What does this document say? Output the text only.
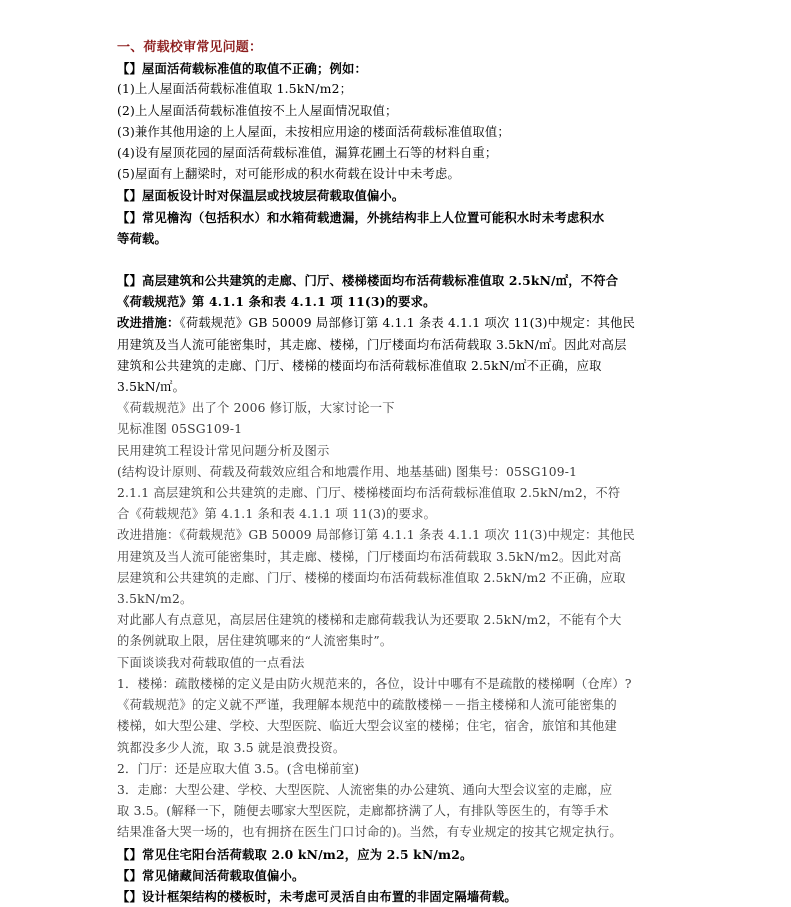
一、荷载校审常见问题：
【】屋面活荷载标准值的取值不正确；例如：
(1)上人屋面活荷载标准值取 1.5kN/m2；
(2)上人屋面活荷载标准值按不上人屋面情况取值；
(3)兼作其他用途的上人屋面，未按相应用途的楼面活荷载标准值取值；
(4)设有屋顶花园的屋面活荷载标准值，漏算花圃土石等的材料自重；
(5)屋面有上翻梁时，对可能形成的积水荷载在设计中未考虑。
【】屋面板设计时对保温层或找坡层荷载取值偏小。
【】常见檐沟（包括积水）和水箱荷载遗漏，外挑结构非上人位置可能积水时未考虑积水
等荷载。
【】高层建筑和公共建筑的走廊、门厅、楼梯楼面均布活荷载标准值取 2.5kN/㎡，不符合
《荷载规范》第 4.1.1 条和表 4.1.1 项 11(3)的要求。
改进措施：《荷载规范》GB 50009 局部修订第 4.1.1 条表 4.1.1 项次 11(3)中规定：其他民
用建筑及当人流可能密集时，其走廊、楼梯，门厅楼面均布活荷载取 3.5kN/㎡。因此对高层
建筑和公共建筑的走廊、门厅、楼梯的楼面均布活荷载标准值取 2.5kN/㎡不正确，应取
3.5kN/㎡。
《荷载规范》出了个 2006 修订版，大家讨论一下
见标准图 05SG109-1
民用建筑工程设计常见问题分析及图示
(结构设计原则、荷载及荷载效应组合和地震作用、地基基础) 图集号：05SG109-1
2.1.1 高层建筑和公共建筑的走廊、门厅、楼梯楼面均布活荷载标准值取 2.5kN/m2，不符
合《荷载规范》第 4.1.1 条和表 4.1.1 项 11(3)的要求。
改进措施：《荷载规范》GB 50009 局部修订第 4.1.1 条表 4.1.1 项次 11(3)中规定：其他民
用建筑及当人流可能密集时，其走廊、楼梯，门厅楼面均布活荷载取 3.5kN/m2。因此对高
层建筑和公共建筑的走廊、门厅、楼梯的楼面均布活荷载标准值取 2.5kN/m2 不正确，应取
3.5kN/m2。
对此鄙人有点意见，高层居住建筑的楼梯和走廊荷载我认为还要取 2.5kN/m2，不能有个大
的条例就取上限，居住建筑哪来的“人流密集时”。
下面谈谈我对荷载取值的一点看法
1．楼梯：疏散楼梯的定义是由防火规范来的，各位，设计中哪有不是疏散的楼梯啊（仓库）?
《荷载规范》的定义就不严谨，我理解本规范中的疏散楼梯－－指主楼梯和人流可能密集的
楼梯，如大型公建、学校、大型医院、临近大型会议室的楼梯；住宅，宿舍，旅馆和其他建
筑都没多少人流，取 3.5 就是浪费投资。
2．门厅：还是应取大值 3.5。(含电梯前室)
3．走廊：大型公建、学校、大型医院、人流密集的办公建筑、通向大型会议室的走廊，应
取 3.5。(解释一下，随便去哪家大型医院，走廊都挤满了人，有排队等医生的，有等手术
结果准备大哭一场的，也有拥挤在医生门口讨命的)。当然，有专业规定的按其它规定执行。
【】常见住宅阳台活荷载取 2.0 kN/m2，应为 2.5 kN/m2。
【】常见储藏间活荷载取值偏小。
【】设计框架结构的楼板时，未考虑可灵活自由布置的非固定隔墙荷载。
